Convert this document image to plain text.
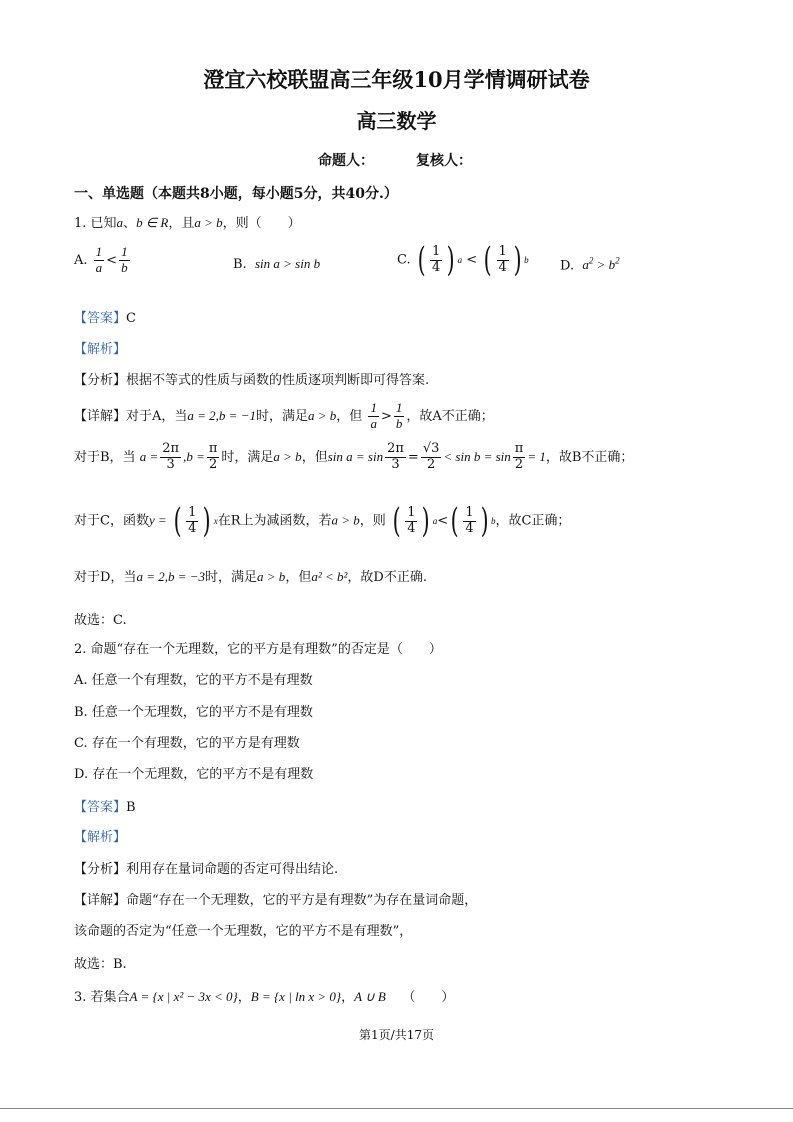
澄宜六校联盟高三年级10月学情调研试卷
高三数学
命题人：	复核人：
一、单选题（本题共8小题，每小题5分，共40分.）
1. 已知a、b ∈ R，且a > b，则（　　）
A. $\frac{1}{a} < \frac{1}{b}$	B. sin a > sin b	C. ( $\frac{1}{4}$ ) a < ( $\frac{1}{4}$ ) b D. $a^2 > b^2$
【答案】C
【解析】
【分析】根据不等式的性质与函数的性质逐项判断即可得答案.
【详解】对于A，当a = 2,b = −1时，满足a > b，但 $\frac{1}{a} > \frac{1}{b}$ ，故A不正确；
对于B，当 $a = \frac{2\pi}{3} ,b = \frac{\pi}{2}$ 时，满足a > b，但$\sin a = \sin \frac{2\pi}{3} = \frac{√3}{2} < \sin b = \sin \frac{\pi}{2} = 1$，故B不正确；
对于C，函数y = ( $\frac{1}{4}$ ) x 在R上为减函数，若a > b，则 ( $\frac{1}{4}$ ) a < ( $\frac{1}{4}$ ) b ，故C正确；
对于D，当a = 2,b = −3时，满足a > b，但a² < b²，故D不正确.
故选：C.
2. 命题“存在一个无理数，它的平方是有理数”的否定是（　　）
A. 任意一个有理数，它的平方不是有理数
B. 任意一个无理数，它的平方不是有理数
C. 存在一个有理数，它的平方是有理数
D. 存在一个无理数，它的平方不是有理数
【答案】B
【解析】
【分析】利用存在量词命题的否定可得出结论.
【详解】命题“存在一个无理数，它的平方是有理数”为存在量词命题，
该命题的否定为“任意一个无理数，它的平方不是有理数”，
故选：B.
3. 若集合A = {x | x² − 3x < 0}，B = {x | ln x > 0}，A ∪ B （　　）
第1页/共17页
